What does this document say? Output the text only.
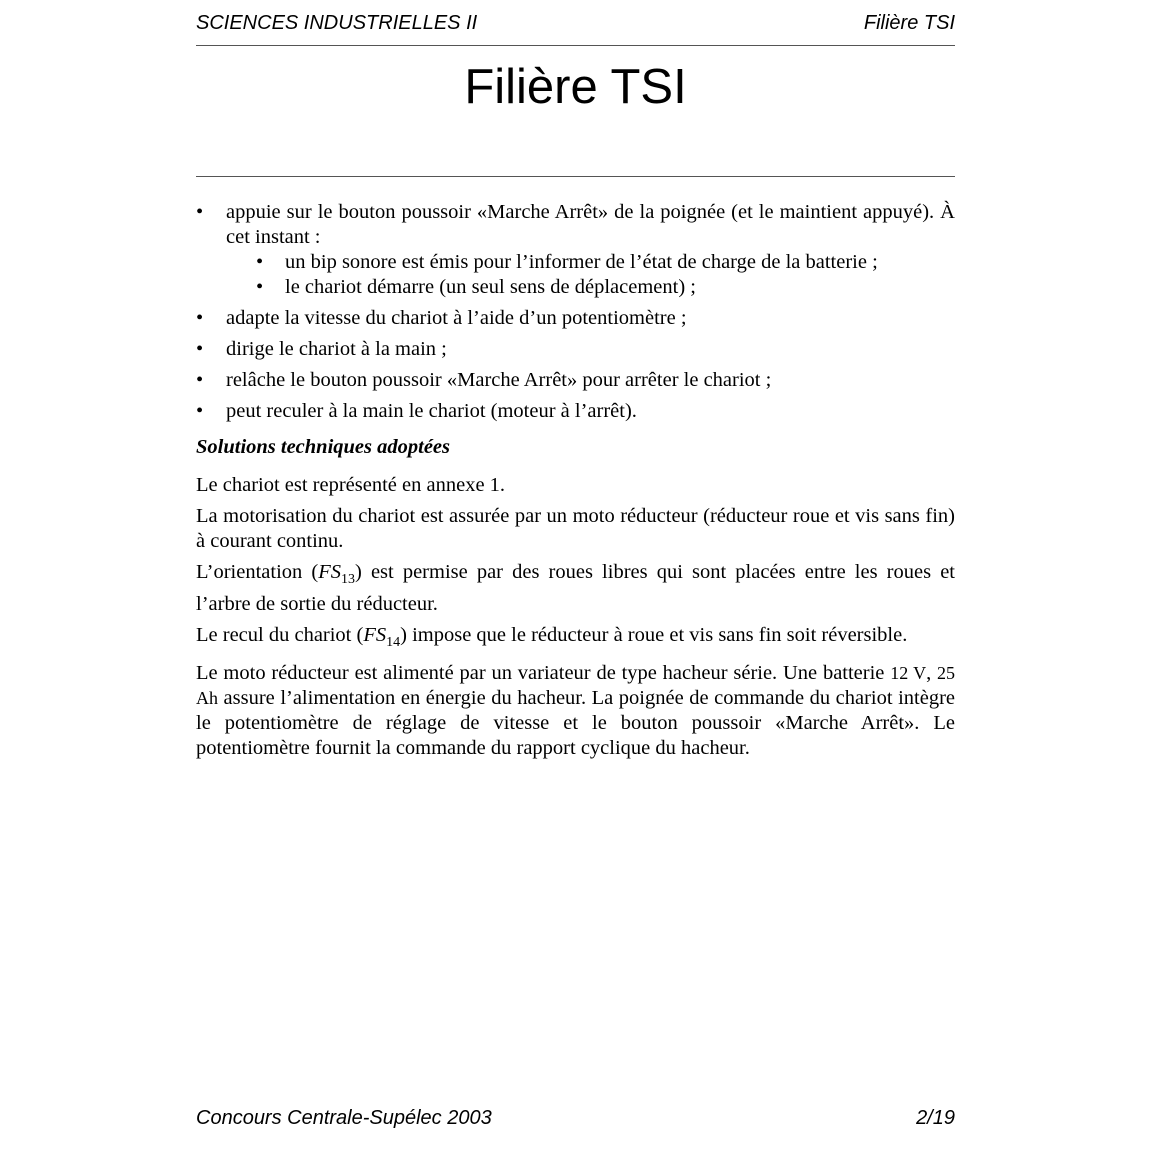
SCIENCES INDUSTRIELLES II	Filière TSI
Filière TSI
• appuie sur le bouton poussoir «Marche Arrêt» de la poignée (et le maintient appuyé). À cet instant :
• un bip sonore est émis pour l’informer de l’état de charge de la batterie ;
• le chariot démarre (un seul sens de déplacement) ;
• adapte la vitesse du chariot à l’aide d’un potentiomètre ;
• dirige le chariot à la main ;
• relâche le bouton poussoir «Marche Arrêt» pour arrêter le chariot ;
• peut reculer à la main le chariot (moteur à l’arrêt).
Solutions techniques adoptées

Le chariot est représenté en annexe 1.

La motorisation du chariot est assurée par un moto réducteur (réducteur roue et vis sans fin) à courant continu.

L’orientation $(FS_{13})$ est permise par des roues libres qui sont placées entre les roues et l’arbre de sortie du réducteur.

Le recul du chariot $(FS_{14})$ impose que le réducteur à roue et vis sans fin soit réversible.

Le moto réducteur est alimenté par un variateur de type hacheur série. Une batterie 12 V, 25 Ah assure l’alimentation en énergie du hacheur. La poignée de commande du chariot intègre le potentiomètre de réglage de vitesse et le bouton poussoir «Marche Arrêt». Le potentiomètre fournit la commande du rapport cyclique du hacheur.

Concours Centrale-Supélec 2003	2/19
